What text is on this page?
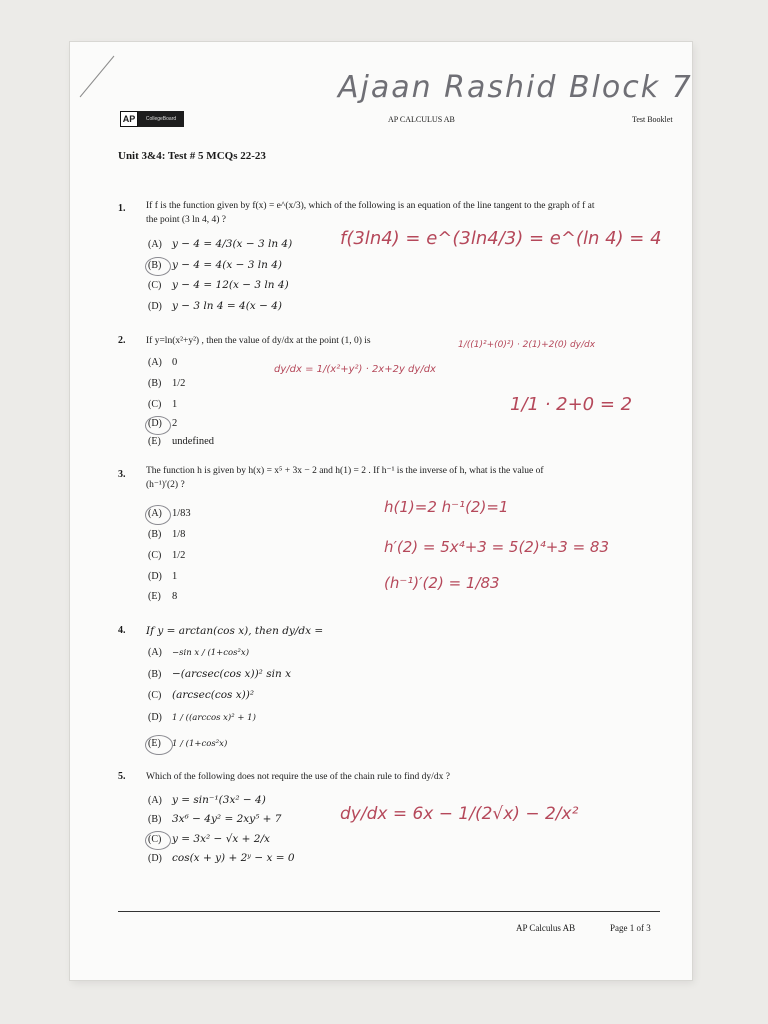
Ajaan Rashid Block 7
AP	CollegeBoard	AP CALCULUS AB	Test Booklet
Unit 3&4: Test # 5 MCQs 22-23
1. If f is the function given by f(x) = e^(x/3), which of the following is an equation of the line tangent to the graph of f at
the point (3 ln 4, 4) ?
(A) y − 4 = 4/3(x − 3 ln 4)
(B) y − 4 = 4(x − 3 ln 4)
(C) y − 4 = 12(x − 3 ln 4)
(D) y − 3 ln 4 = 4(x − 4)
f(3ln4) = e^(3ln4/3) = e^(ln 4) = 4
2. If y=ln(x²+y²) , then the value of dy/dx at the point (1, 0) is
(A) 0
(B) 1/2
(C) 1
(D) 2
(E) undefined
dy/dx = 1/(x²+y²) · 2x+2y dy/dx
1/((1)²+(0)²) · 2(1)+2(0) dy/dx
1/1 · 2+0 = 2
3. The function h is given by h(x) = x⁵ + 3x − 2 and h(1) = 2 . If h⁻¹ is the inverse of h, what is the value of
(h⁻¹)′(2) ?
(A) 1/83
(B) 1/8
(C) 1/2
(D) 1
(E) 8
h(1)=2 h⁻¹(2)=1
h′(2) = 5x⁴+3 = 5(2)⁴+3 = 83
(h⁻¹)′(2) = 1/83
4. If y = arctan(cos x), then dy/dx =
(A) −sin x / (1+cos²x)
(B) −(arcsec(cos x))² sin x
(C) (arcsec(cos x))²
(D) 1 / ((arccos x)² + 1)
(E) 1 / (1+cos²x)
5. Which of the following does not require the use of the chain rule to find dy/dx ?
(A) y = sin⁻¹(3x² − 4)
(B) 3x⁶ − 4y² = 2xy⁵ + 7
(C) y = 3x² − √x + 2/x
(D) cos(x + y) + 2ʸ − x = 0
dy/dx = 6x − 1/(2√x) − 2/x²
AP Calculus AB	Page 1 of 3
